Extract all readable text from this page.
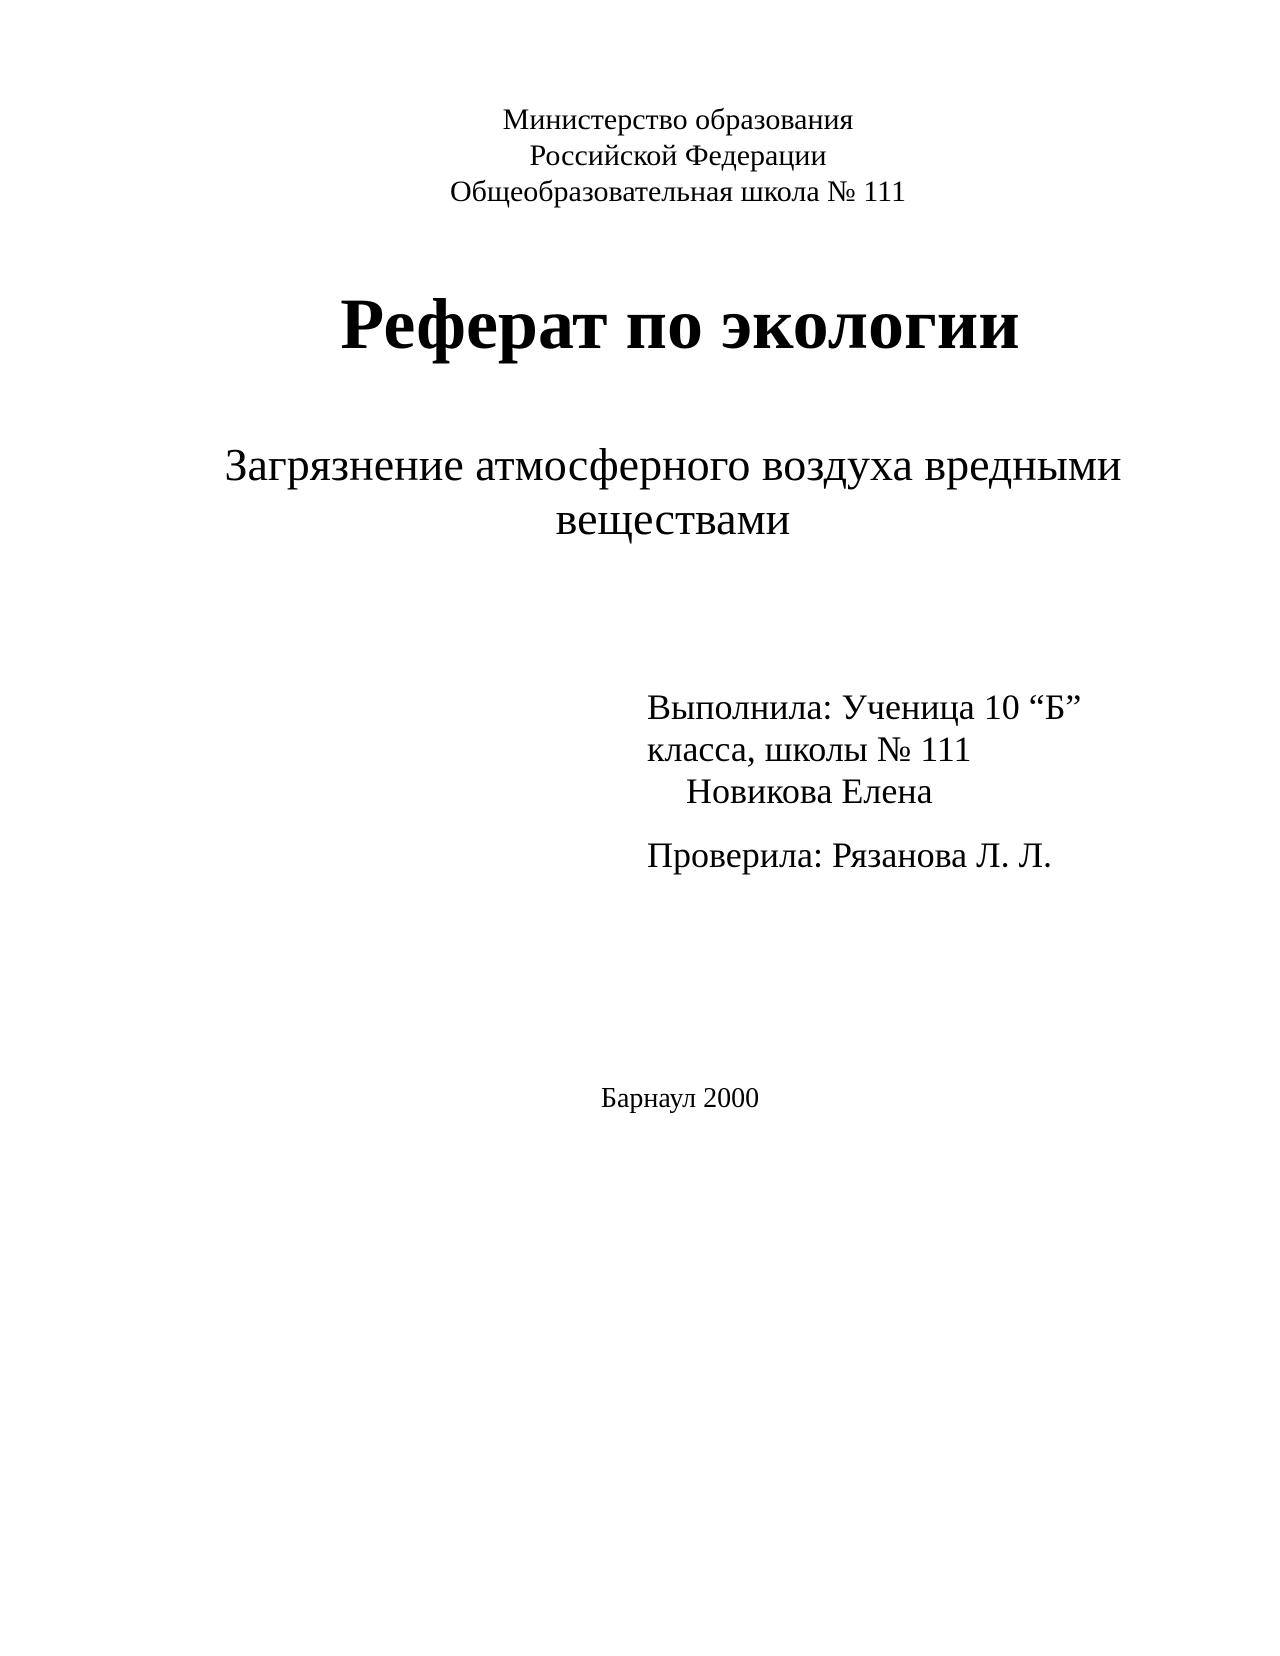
Министерство образования
Российской Федерации
Общеобразовательная школа № 111
Реферат по экологии
Загрязнение атмосферного воздуха вредными
веществами
Выполнила: Ученица 10 “Б”
класса, школы № 111
Новикова Елена
Проверила: Рязанова Л. Л.
Барнаул 2000
